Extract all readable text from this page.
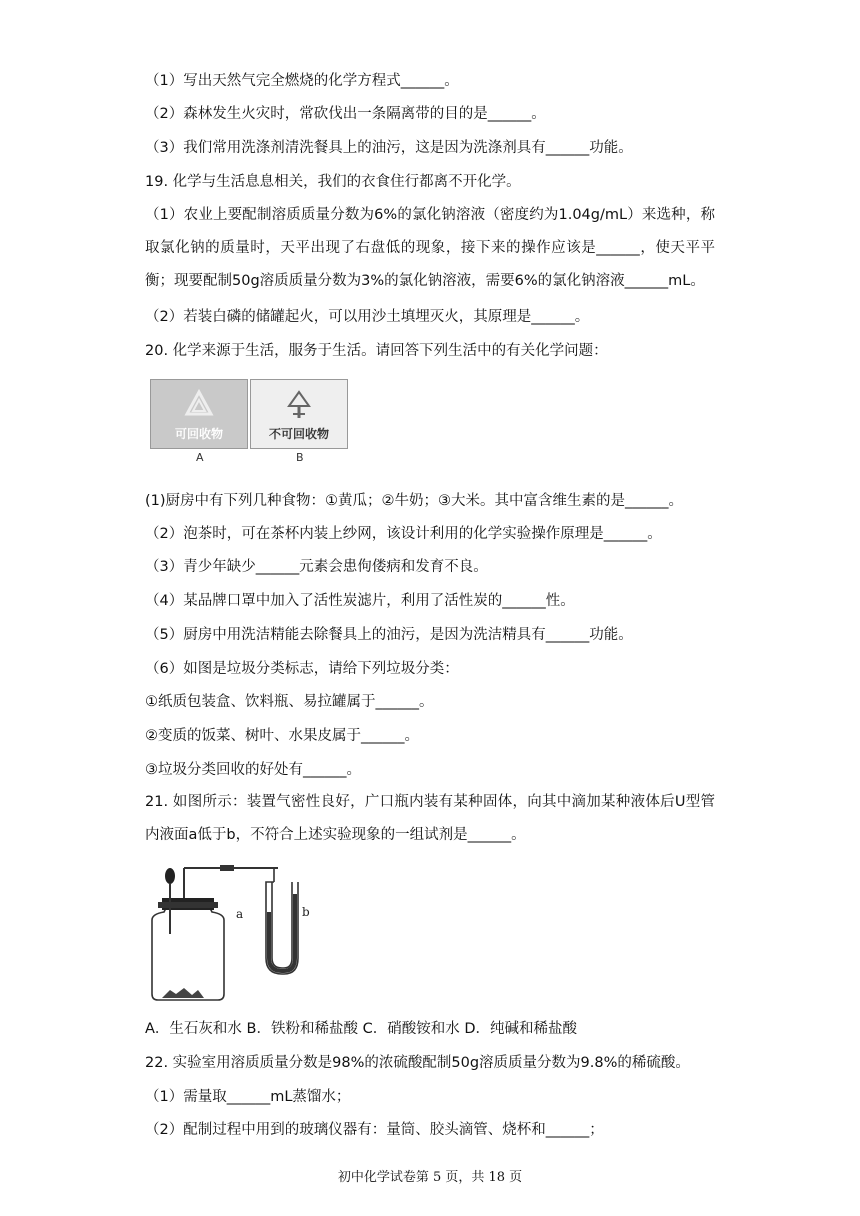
（1）写出天然气完全燃烧的化学方程式______。
（2）森林发生火灾时，常砍伐出一条隔离带的目的是______。
（3）我们常用洗涤剂清洗餐具上的油污，这是因为洗涤剂具有______功能。
19. 化学与生活息息相关，我们的衣食住行都离不开化学。
（1）农业上要配制溶质质量分数为6%的氯化钠溶液（密度约为1.04g/mL）来选种，称取氯化钠的质量时，天平出现了右盘低的现象，接下来的操作应该是______，使天平平衡；现要配制50g溶质质量分数为3%的氯化钠溶液，需要6%的氯化钠溶液______mL。
（2）若装白磷的储罐起火，可以用沙土填埋灭火，其原理是______。
20. 化学来源于生活，服务于生活。请回答下列生活中的有关化学问题：
可回收物	不可回收物
A	B
(1)厨房中有下列几种食物：①黄瓜；②牛奶；③大米。其中富含维生素的是______。
（2）泡茶时，可在茶杯内装上纱网，该设计利用的化学实验操作原理是______。
（3）青少年缺少______元素会患佝偻病和发育不良。
（4）某品牌口罩中加入了活性炭滤片，利用了活性炭的______性。
（5）厨房中用洗洁精能去除餐具上的油污，是因为洗洁精具有______功能。
（6）如图是垃圾分类标志，请给下列垃圾分类：
①纸质包装盒、饮料瓶、易拉罐属于______。
②变质的饭菜、树叶、水果皮属于______。
③垃圾分类回收的好处有______。
21. 如图所示：装置气密性良好，广口瓶内装有某种固体，向其中滴加某种液体后U型管内液面a低于b，不符合上述实验现象的一组试剂是______。
a	b
A．生石灰和水 B．铁粉和稀盐酸 C．硝酸铵和水 D．纯碱和稀盐酸
22. 实验室用溶质质量分数是98%的浓硫酸配制50g溶质质量分数为9.8%的稀硫酸。
（1）需量取______mL蒸馏水；
（2）配制过程中用到的玻璃仪器有：量筒、胶头滴管、烧杯和______；
初中化学试卷第 5 页，共 18 页
